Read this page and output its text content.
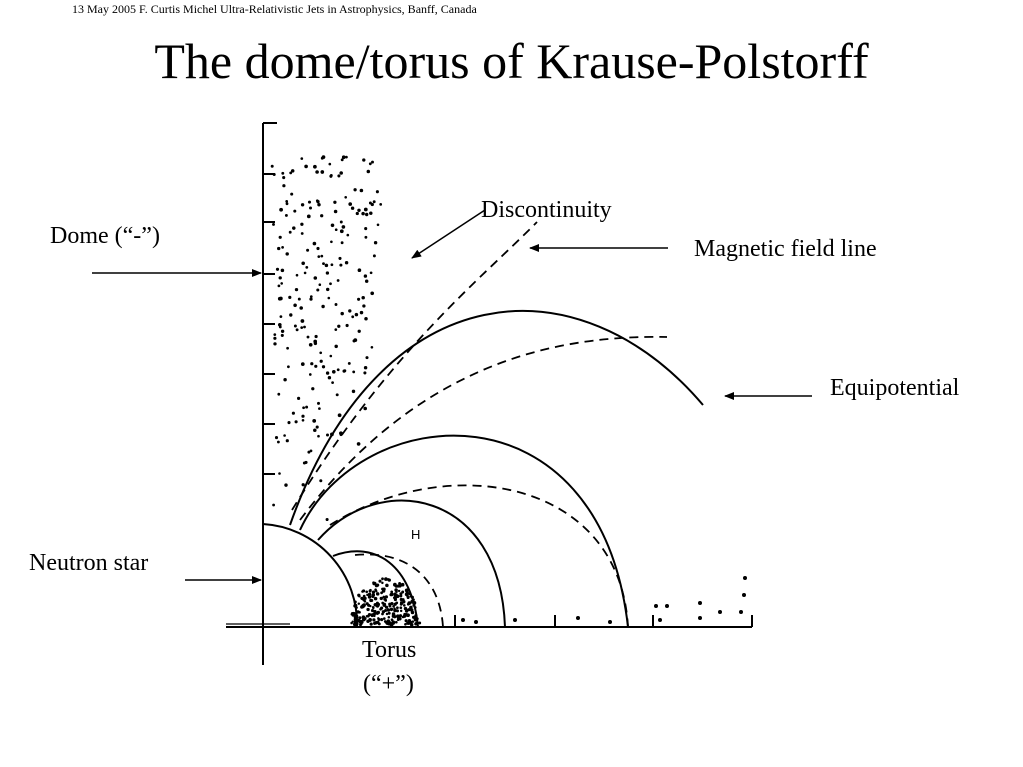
H
13 May 2005 F. Curtis Michel Ultra-Relativistic Jets in Astrophysics, Banff, Canada
The dome/torus of Krause-Polstorff
Dome (“-”)
Neutron star
Torus
(“+”)
Discontinuity
Magnetic field line
Equipotential
